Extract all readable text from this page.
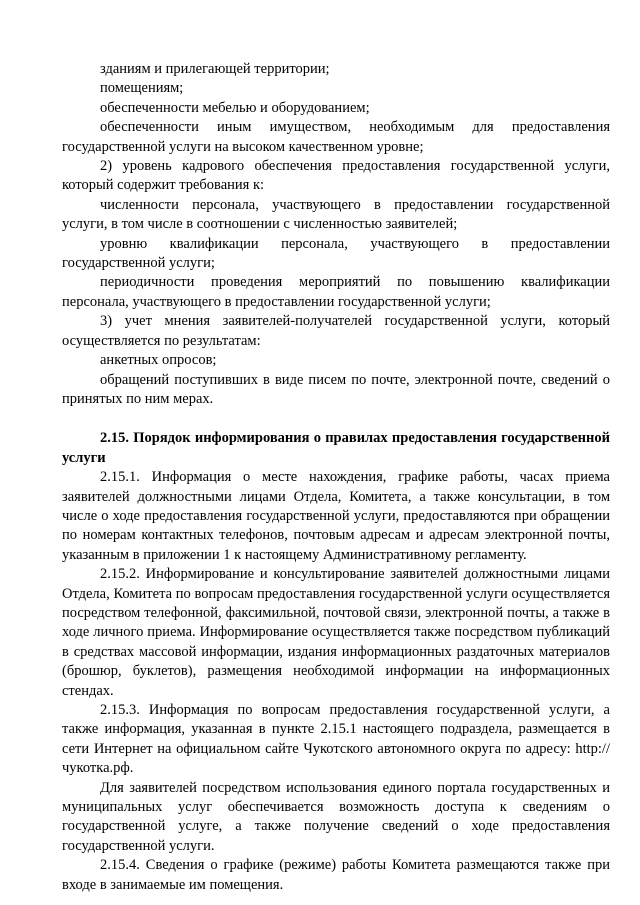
зданиям и прилегающей территории;

помещениям;

обеспеченности мебелью и оборудованием;

обеспеченности иным имуществом, необходимым для предоставления государственной услуги на высоком качественном уровне;

2) уровень кадрового обеспечения предоставления государственной услуги, который содержит требования к:

численности персонала, участвующего в предоставлении государственной услуги, в том числе в соотношении с численностью заявителей;

уровню квалификации персонала, участвующего в предоставлении государственной услуги;

периодичности проведения мероприятий по повышению квалификации персонала, участвующего в предоставлении государственной услуги;

3) учет мнения заявителей-получателей государственной услуги, который осуществляется по результатам:

анкетных опросов;

обращений поступивших в виде писем по почте, электронной почте, сведений о принятых по ним мерах.

2.15. Порядок информирования о правилах предоставления государственной услуги

2.15.1. Информация о месте нахождения, графике работы, часах приема заявителей должностными лицами Отдела, Комитета, а также консультации, в том числе о ходе предоставления государственной услуги, предоставляются при обращении по номерам контактных телефонов, почтовым адресам и адресам электронной почты, указанным в приложении 1 к настоящему Административному регламенту.

2.15.2. Информирование и консультирование заявителей должностными лицами Отдела, Комитета по вопросам предоставления государственной услуги осуществляется посредством телефонной, факсимильной, почтовой связи, электронной почты, а также в ходе личного приема. Информирование осуществляется также посредством публикаций в средствах массовой информации, издания информационных раздаточных материалов (брошюр, буклетов), размещения необходимой информации на информационных стендах.

2.15.3. Информация по вопросам предоставления государственной услуги, а также информация, указанная в пункте 2.15.1 настоящего подраздела, размещается в сети Интернет на официальном сайте Чукотского автономного округа по адресу: http://чукотка.рф.

Для заявителей посредством использования единого портала государственных и муниципальных услуг обеспечивается возможность доступа к сведениям о государственной услуге, а также получение сведений о ходе предоставления государственной услуги.

2.15.4. Сведения о графике (режиме) работы Комитета размещаются также при входе в занимаемые им помещения.
